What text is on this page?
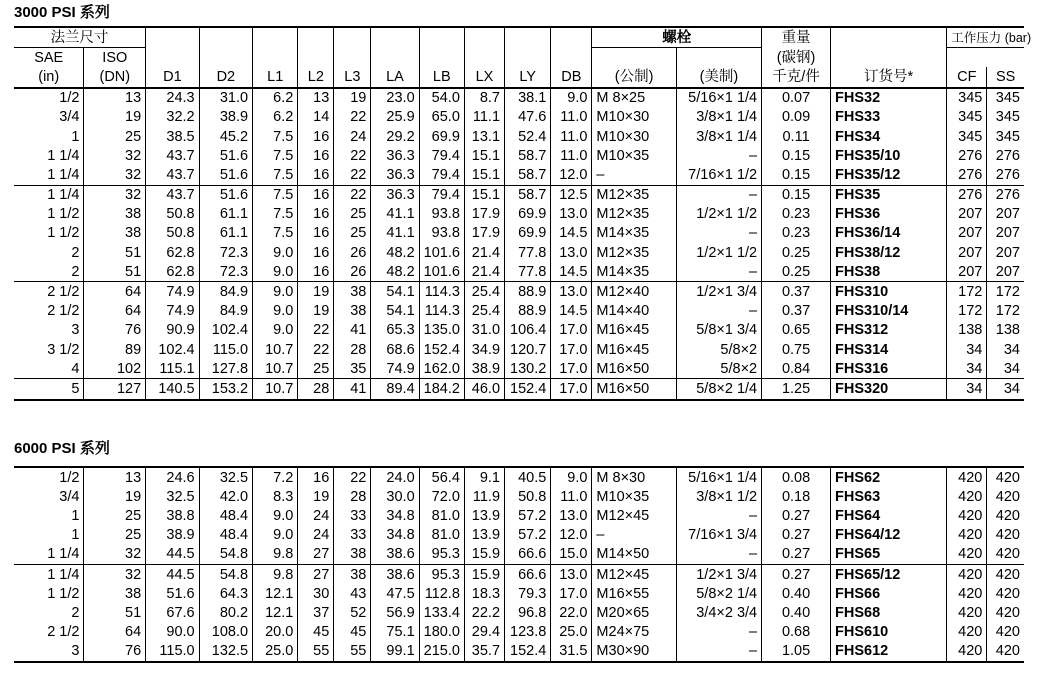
3000 PSI 系列
法兰尺寸												螺栓		重量		工作压力 (bar)	
SAE	ISO													(碳钢)			
(in)	(DN)	D1	D2	L1	L2	L3	LA	LB	LX	LY	DB	(公制)	(美制)	千克/件	订货号*	CF	SS
1/2	13	24.3	31.0	6.2	13	19	23.0	54.0	8.7	38.1	9.0	M 8×25	5/16×1 1/4	0.07	FHS32	345	345
3/4	19	32.2	38.9	6.2	14	22	25.9	65.0	11.1	47.6	11.0	M10×30	3/8×1 1/4	0.09	FHS33	345	345
1	25	38.5	45.2	7.5	16	24	29.2	69.9	13.1	52.4	11.0	M10×30	3/8×1 1/4	0.11	FHS34	345	345
1 1/4	32	43.7	51.6	7.5	16	22	36.3	79.4	15.1	58.7	11.0	M10×35	–	0.15	FHS35/10	276	276
1 1/4	32	43.7	51.6	7.5	16	22	36.3	79.4	15.1	58.7	12.0	–	7/16×1 1/2	0.15	FHS35/12	276	276
1 1/4	32	43.7	51.6	7.5	16	22	36.3	79.4	15.1	58.7	12.5	M12×35	–	0.15	FHS35	276	276
1 1/2	38	50.8	61.1	7.5	16	25	41.1	93.8	17.9	69.9	13.0	M12×35	1/2×1 1/2	0.23	FHS36	207	207
1 1/2	38	50.8	61.1	7.5	16	25	41.1	93.8	17.9	69.9	14.5	M14×35	–	0.23	FHS36/14	207	207
2	51	62.8	72.3	9.0	16	26	48.2	101.6	21.4	77.8	13.0	M12×35	1/2×1 1/2	0.25	FHS38/12	207	207
2	51	62.8	72.3	9.0	16	26	48.2	101.6	21.4	77.8	14.5	M14×35	–	0.25	FHS38	207	207
2 1/2	64	74.9	84.9	9.0	19	38	54.1	114.3	25.4	88.9	13.0	M12×40	1/2×1 3/4	0.37	FHS310	172	172
2 1/2	64	74.9	84.9	9.0	19	38	54.1	114.3	25.4	88.9	14.5	M14×40	–	0.37	FHS310/14	172	172
3	76	90.9	102.4	9.0	22	41	65.3	135.0	31.0	106.4	17.0	M16×45	5/8×1 3/4	0.65	FHS312	138	138
3 1/2	89	102.4	115.0	10.7	22	28	68.6	152.4	34.9	120.7	17.0	M16×45	5/8×2	0.75	FHS314	34	34
4	102	115.1	127.8	10.7	25	35	74.9	162.0	38.9	130.2	17.0	M16×50	5/8×2	0.84	FHS316	34	34
5	127	140.5	153.2	10.7	28	41	89.4	184.2	46.0	152.4	17.0	M16×50	5/8×2 1/4	1.25	FHS320	34	34
6000 PSI 系列
1/2	13	24.6	32.5	7.2	16	22	24.0	56.4	9.1	40.5	9.0	M 8×30	5/16×1 1/4	0.08	FHS62	420	420
3/4	19	32.5	42.0	8.3	19	28	30.0	72.0	11.9	50.8	11.0	M10×35	3/8×1 1/2	0.18	FHS63	420	420
1	25	38.8	48.4	9.0	24	33	34.8	81.0	13.9	57.2	13.0	M12×45	–	0.27	FHS64	420	420
1	25	38.9	48.4	9.0	24	33	34.8	81.0	13.9	57.2	12.0	–	7/16×1 3/4	0.27	FHS64/12	420	420
1 1/4	32	44.5	54.8	9.8	27	38	38.6	95.3	15.9	66.6	15.0	M14×50	–	0.27	FHS65	420	420
1 1/4	32	44.5	54.8	9.8	27	38	38.6	95.3	15.9	66.6	13.0	M12×45	1/2×1 3/4	0.27	FHS65/12	420	420
1 1/2	38	51.6	64.3	12.1	30	43	47.5	112.8	18.3	79.3	17.0	M16×55	5/8×2 1/4	0.40	FHS66	420	420
2	51	67.6	80.2	12.1	37	52	56.9	133.4	22.2	96.8	22.0	M20×65	3/4×2 3/4	0.40	FHS68	420	420
2 1/2	64	90.0	108.0	20.0	45	45	75.1	180.0	29.4	123.8	25.0	M24×75	–	0.68	FHS610	420	420
3	76	115.0	132.5	25.0	55	55	99.1	215.0	35.7	152.4	31.5	M30×90	–	1.05	FHS612	420	420
